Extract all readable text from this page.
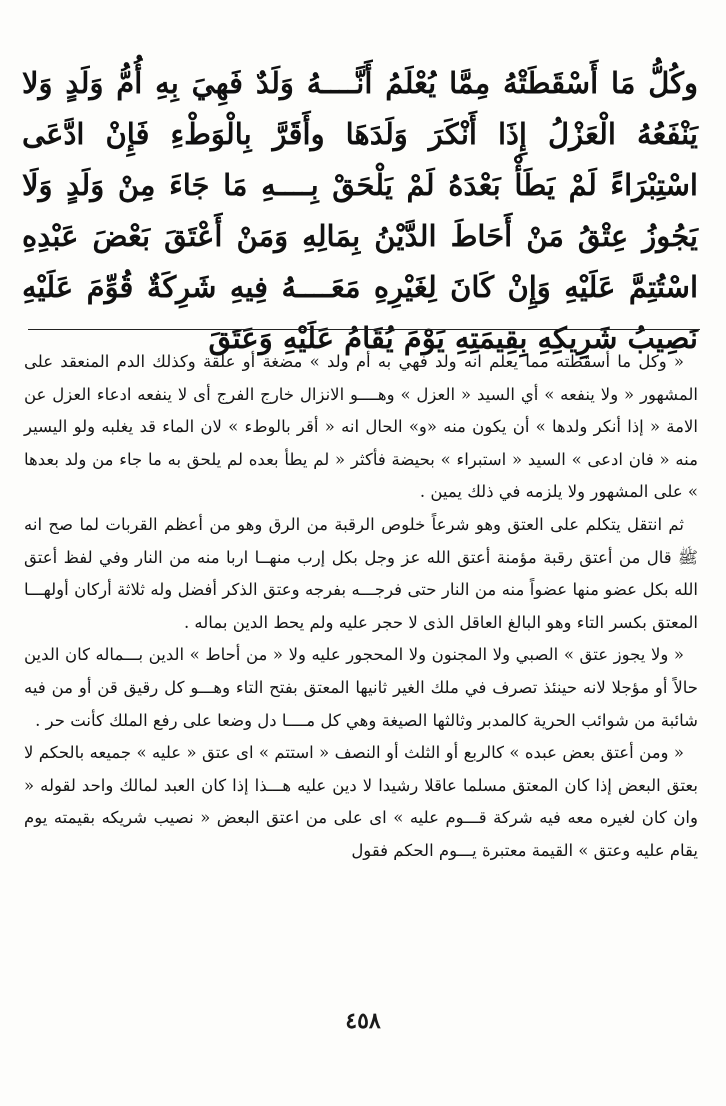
وكُلُّ مَا أَسْقَطَتْهُ مِمَّا يُعْلَمُ أَنَّــــهُ وَلَدٌ فَهِيَ بِهِ أُمُّ وَلَدٍ وَلا يَنْفَعُهُ الْعَزْلُ إِذَا أَنْكَرَ وَلَدَهَا وأَقَرَّ بِالْوَطْءِ فَإِنْ ادَّعَى اسْتِبْرَاءً لَمْ يَطَأْ بَعْدَهُ لَمْ يَلْحَقْ بِــــهِ مَا جَاءَ مِنْ وَلَدٍ وَلَا يَجُوزُ عِتْقُ مَنْ أَحَاطَ الدَّيْنُ بِمَالِهِ وَمَنْ أَعْتَقَ بَعْضَ عَبْدِهِ اسْتُتِمَّ عَلَيْهِ وَإِنْ كَانَ لِغَيْرِهِ مَعَــــهُ فِيهِ شَرِكَةٌ قُوِّمَ عَلَيْهِ نَصِيبُ شَرِيكِهِ بِقِيمَتِهِ يَوْمَ يُقَامُ عَلَيْهِ وَعَتَقَ

« وكل ما أسقطته مما يعلم انه ولد فهي به أم ولد » مضغة أو علقة وكذلك الدم المنعقد على المشهور « ولا ينفعه » أي السيد « العزل » وهــــو الانزال خارج الفرج أى لا ينفعه ادعاء العزل عن الامة « إذا أنكر ولدها » أن يكون منه «و» الحال انه « أقر بالوطء » لان الماء قد يغلبه ولو اليسير منه « فان ادعى » السيد « استبراء » بحيضة فأكثر « لم يطأ بعده لم يلحق به ما جاء من ولد بعدها » على المشهور ولا يلزمه في ذلك يمين .

ثم انتقل يتكلم على العتق وهو شرعاً خلوص الرقبة من الرق وهو من أعظم القربات لما صح انه ﷺ قال من أعتق رقبة مؤمنة أعتق الله عز وجل بكل إرب منهــا اربا منه من النار وفي لفظ أعتق الله بكل عضو منها عضواً منه من النار حتى فرجـــه بفرجه وعتق الذكر أفضل وله ثلاثة أركان أولهـــا المعتق بكسر التاء وهو البالغ العاقل الذى لا حجر عليه ولم يحط الدين بماله .

« ولا يجوز عتق » الصبي ولا المجنون ولا المحجور عليه ولا « من أحاط » الدين بـــماله كان الدين حالاً أو مؤجلا لانه حينئذ تصرف في ملك الغير ثانيها المعتق بفتح التاء وهـــو كل رقيق قن أو من فيه شائبة من شوائب الحرية كالمدبر وثالثها الصيغة وهي كل مــــا دل وضعا على رفع الملك كأنت حر .

« ومن أعتق بعض عبده » كالربع أو الثلث أو النصف « استتم » اى عتق « عليه » جميعه بالحكم لا بعتق البعض إذا كان المعتق مسلما عاقلا رشيدا لا دين عليه هـــذا إذا كان العبد لمالك واحد لقوله « وان كان لغيره معه فيه شركة قـــوم عليه » اى على من اعتق البعض « نصيب شريكه بقيمته يوم يقام عليه وعتق » القيمة معتبرة يـــوم الحكم فقول

٤٥٨
